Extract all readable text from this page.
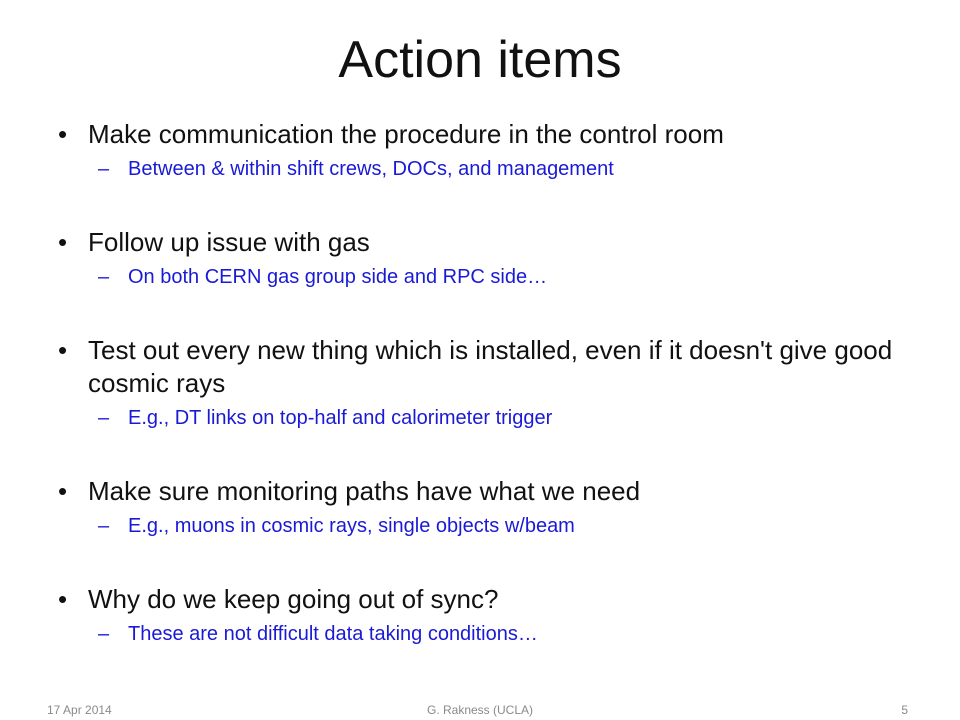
Action items
• Make communication the procedure in the control room
– Between & within shift crews, DOCs, and management
• Follow up issue with gas
– On both CERN gas group side and RPC side…
• Test out every new thing which is installed, even if it doesn't give good cosmic rays
– E.g., DT links on top-half and calorimeter trigger
• Make sure monitoring paths have what we need
– E.g., muons in cosmic rays, single objects w/beam
• Why do we keep going out of sync?
– These are not difficult data taking conditions…
17 Apr 2014	G. Rakness (UCLA)	5
